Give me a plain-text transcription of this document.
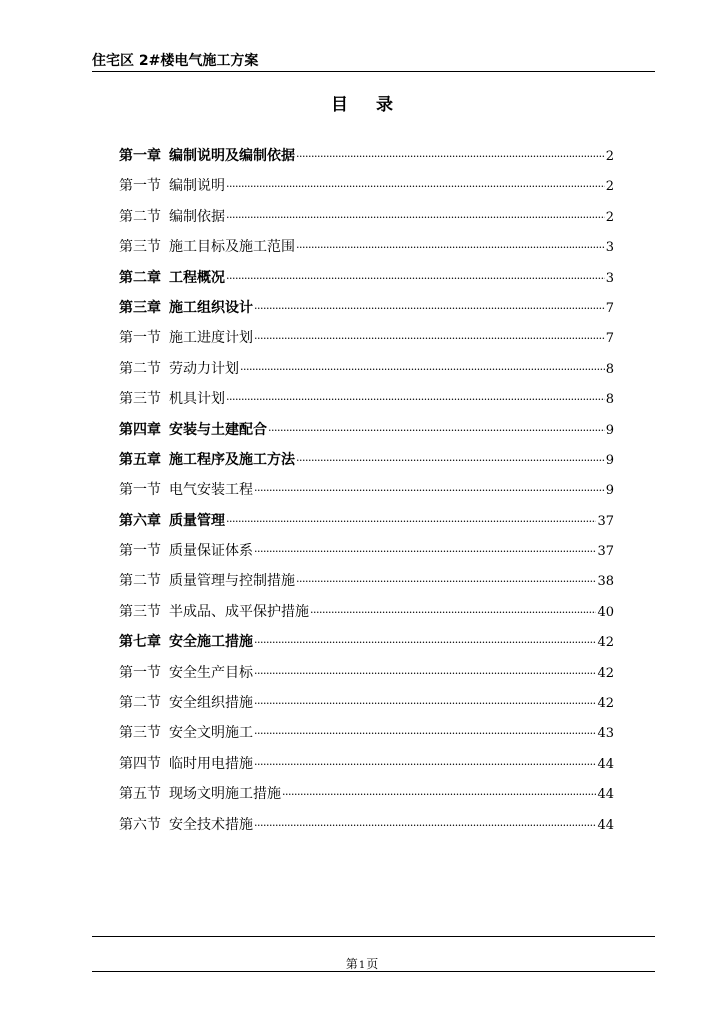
住宅区 2#楼电气施工方案
目录
第一章 编制说明及编制依据 ·····	2
第一节 编制说明 ·····	2
第二节 编制依据 ·····	2
第三节 施工目标及施工范围 ·····	3
第二章 工程概况 ·····	3
第三章 施工组织设计 ·····	7
第一节 施工进度计划 ·····	7
第二节 劳动力计划 ·····	8
第三节 机具计划 ·····	8
第四章 安装与土建配合 ·····	9
第五章 施工程序及施工方法 ·····	9
第一节 电气安装工程 ·····	9
第六章 质量管理 ·····	37
第一节 质量保证体系 ·····	37
第二节 质量管理与控制措施 ·····	38
第三节 半成品、成平保护措施 ·····	40
第七章 安全施工措施 ·····	42
第一节 安全生产目标 ·····	42
第二节 安全组织措施 ·····	42
第三节 安全文明施工 ·····	43
第四节 临时用电措施 ·····	44
第五节 现场文明施工措施 ·····	44
第六节 安全技术措施 ·····	44
第1页
